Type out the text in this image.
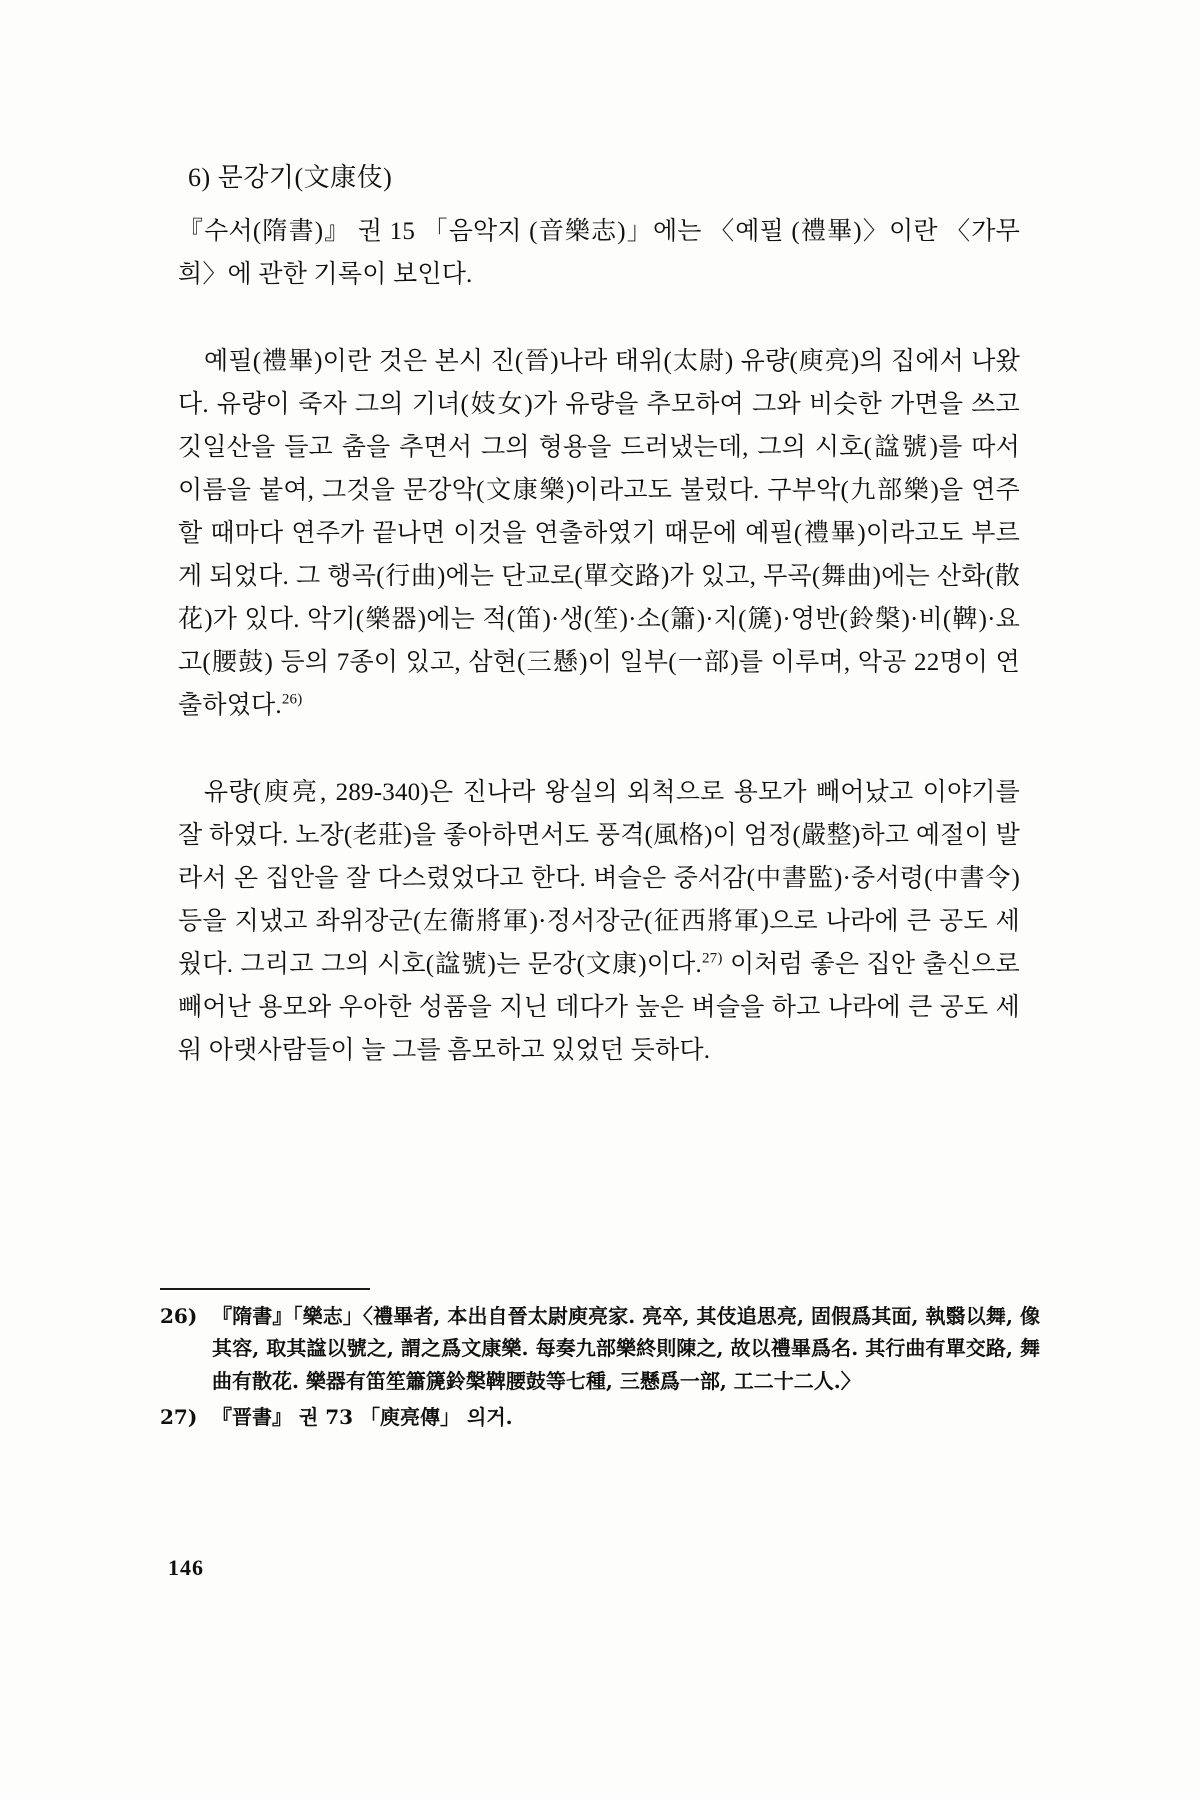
6) 문강기(文康伎)

『수서(隋書)』 권 15 「음악지 (音樂志)」에는 〈예필 (禮畢)〉이란 〈가무희〉에 관한 기록이 보인다.

예필(禮畢)이란 것은 본시 진(晉)나라 태위(太尉) 유량(庾亮)의 집에서 나왔다. 유량이 죽자 그의 기녀(妓女)가 유량을 추모하여 그와 비슷한 가면을 쓰고 깃일산을 들고 춤을 추면서 그의 형용을 드러냈는데, 그의 시호(諡號)를 따서 이름을 붙여, 그것을 문강악(文康樂)이라고도 불렀다. 구부악(九部樂)을 연주할 때마다 연주가 끝나면 이것을 연출하였기 때문에 예필(禮畢)이라고도 부르게 되었다. 그 행곡(行曲)에는 단교로(單交路)가 있고, 무곡(舞曲)에는 산화(散花)가 있다. 악기(樂器)에는 적(笛)·생(笙)·소(簫)·지(篪)·영반(鈴槃)·비(鞞)·요고(腰鼓) 등의 7종이 있고, 삼현(三懸)이 일부(一部)를 이루며, 악공 22명이 연출하였다.$^{26)}$

유량(庾亮, 289-340)은 진나라 왕실의 외척으로 용모가 빼어났고 이야기를 잘 하였다. 노장(老莊)을 좋아하면서도 풍격(風格)이 엄정(嚴整)하고 예절이 발라서 온 집안을 잘 다스렸었다고 한다. 벼슬은 중서감(中書監)·중서령(中書令) 등을 지냈고 좌위장군(左衞將軍)·정서장군(征西將軍)으로 나라에 큰 공도 세웠다. 그리고 그의 시호(諡號)는 문강(文康)이다.$^{27)}$ 이처럼 좋은 집안 출신으로 빼어난 용모와 우아한 성품을 지닌 데다가 높은 벼슬을 하고 나라에 큰 공도 세워 아랫사람들이 늘 그를 흠모하고 있었던 듯하다.

26) 『隋書』「樂志」〈禮畢者, 本出自晉太尉庾亮家. 亮卒, 其伎追思亮, 固假爲其面, 執翳以舞, 像其容, 取其諡以號之, 謂之爲文康樂. 每奏九部樂終則陳之, 故以禮畢爲名. 其行曲有單交路, 舞曲有散花. 樂器有笛笙簫篪鈴槃鞞腰鼓等七種, 三懸爲一部, 工二十二人.〉
27) 『晋書』 권 73 「庾亮傳」 의거.
146
